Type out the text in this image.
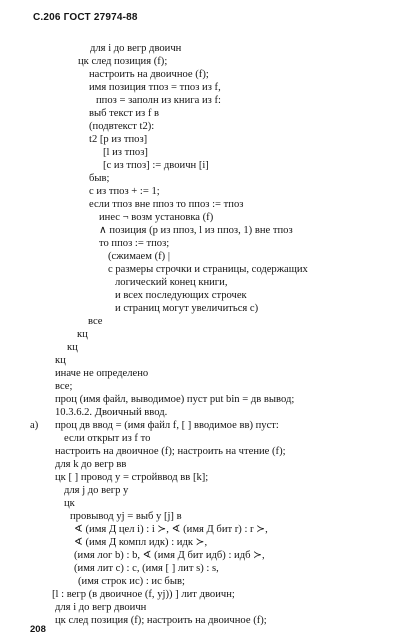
С.206 ГОСТ 27974-88
для i до вегр двоичн
цк след позиция (f);
настроить на двоичное (f);
имя позиция тпоз = тпоз из f,
ппоз = заполн из книга из f:
выб текст из f в
(подвтекст t2):
t2 [p из тпоз]
[l из тпоз]
[c из тпоз] := двоичн [i]
быв;
с из тпоз + := 1;
если тпоз вне ппоз то ппоз := тпоз
инес ¬ возм установка (f)
∧ позиция (p из ппоз, l из ппоз, 1) вне тпоз
то ппоз := тпоз;
(сжимаем (f) |
с размеры строчки и страницы, содержащих
логический конец книги,
и всех последующих строчек
и страниц могут увеличиться c)
все
кц
кц
кц
иначе не определено
все;
проц (имя файл, выводимое) пуст put bin = дв вывод;
10.3.6.2. Двоичный ввод.
a) проц дв ввод = (имя файл f, [ ] вводимое вв) пуст:
если открыт из f то
настроить на двоичное (f); настроить на чтение (f);
для k до вегр вв
цк [ ] провод y = стройввод вв [k];
для j до вегр y
цк
провывод yj = выб y [j] в
∢ (имя Д цел i) : i ≻, ∢ (имя Д бит r) : r ≻,
∢ (имя Д компл идк) : идк ≻,
(имя лог b) : b, ∢ (имя Д бит идб) : идб ≻,
(имя лит c) : c, (имя [ ] лит s) : s,
(имя строк ис) : ис быв;
[l : вегр (в двоичное (f, yj)) ] лит двоичн;
для i до вегр двоичн
цк след позиция (f); настроить на двоичное (f);
208
